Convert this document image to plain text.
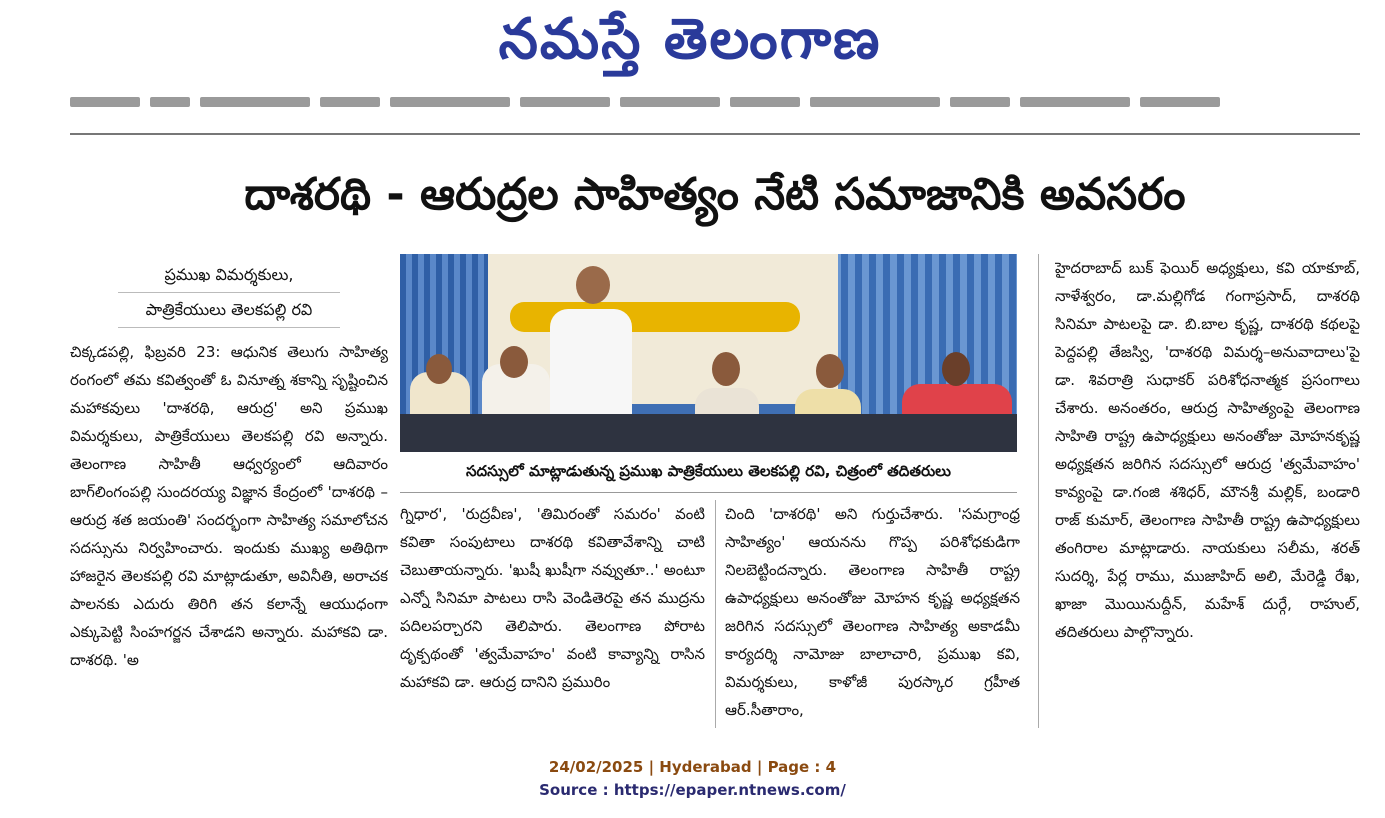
నమస్తే తెలంగాణ
దాశరథి - ఆరుద్రల సాహిత్యం నేటి సమాజానికి అవసరం
ప్రముఖ విమర్శకులు,
పాత్రికేయులు తెలకపల్లి రవి

చిక్కడపల్లి, ఫిబ్రవరి 23: ఆధునిక తెలుగు సాహిత్య రంగంలో తమ కవిత్వంతో ఓ వినూత్న శకాన్ని సృష్టించిన మహాకవులు 'దాశరథి, ఆరుద్ర' అని ప్రముఖ విమర్శకులు, పాత్రికేయులు తెలకపల్లి రవి అన్నారు. తెలంగాణ సాహితీ ఆధ్వర్యంలో ఆదివారం బాగ్‌లింగంపల్లి సుందరయ్య విజ్ఞాన కేంద్రంలో 'దాశరథి – ఆరుద్ర శత జయంతి' సందర్భంగా సాహిత్య సమాలోచన సదస్సును నిర్వహించారు. ఇందుకు ముఖ్య అతిథిగా హాజరైన తెలకపల్లి రవి మాట్లాడుతూ, అవినీతి, అరాచక పాలనకు ఎదురు తిరిగి తన కలాన్నే ఆయుధంగా ఎక్కుపెట్టి సింహగర్జన చేశాడని అన్నారు. మహాకవి డా. దాశరథి. 'అ

సదస్సులో మాట్లాడుతున్న ప్రముఖ పాత్రికేయులు తెలకపల్లి రవి, చిత్రంలో తదితరులు

గ్నిధార', 'రుద్రవీణ', 'తిమిరంతో సమరం' వంటి కవితా సంపుటాలు దాశరథి కవితావేశాన్ని చాటి చెబుతాయన్నారు. 'ఖుషీ ఖుషీగా నవ్వుతూ..' అంటూ ఎన్నో సినిమా పాటలు రాసి వెండితెరపై తన ముద్రను పదిలపర్చారని తెలిపారు. తెలంగాణ పోరాట దృక్పథంతో 'త్వమేవాహం' వంటి కావ్యాన్ని రాసిన మహాకవి డా. ఆరుద్ర దానిని ప్రమురిం

చింది 'దాశరథి' అని గుర్తుచేశారు. 'సమగ్రాంధ్ర సాహిత్యం' ఆయనను గొప్ప పరిశోధకుడిగా నిలబెట్టిందన్నారు. తెలంగాణ సాహితీ రాష్ట్ర ఉపాధ్యక్షులు అనంతోజు మోహన కృష్ణ అధ్యక్షతన జరిగిన సదస్సులో తెలంగాణ సాహిత్య అకాడమీ కార్యదర్శి నామోజు బాలాచారి, ప్రముఖ కవి, విమర్శకులు, కాళోజీ పురస్కార గ్రహీత ఆర్.సీతారాం,

హైదరాబాద్ బుక్ ఫెయిర్ అధ్యక్షులు, కవి యాకూబ్, నాళేశ్వరం, డా.మల్లిగోడ గంగాప్రసాద్, దాశరథి సినిమా పాటలపై డా. బి.బాల కృష్ణ, దాశరథి కథలపై పెద్దపల్లి తేజస్వి, 'దాశరథి విమర్శ–అనువాదాలు'పై డా. శివరాత్రి సుధాకర్ పరిశోధనాత్మక ప్రసంగాలు చేశారు. అనంతరం, ఆరుద్ర సాహిత్యంపై తెలంగాణ సాహితి రాష్ట్ర ఉపాధ్యక్షులు అనంతోజు మోహనకృష్ణ అధ్యక్షతన జరిగిన సదస్సులో ఆరుద్ర 'త్వమేవాహం' కావ్యంపై డా.గంజి శశిధర్, మౌనశ్రీ మల్లిక్, బండారి రాజ్ కుమార్, తెలంగాణ సాహితీ రాష్ట్ర ఉపాధ్యక్షులు తంగిరాల మాట్లాడారు. నాయకులు సలీమ, శరత్ సుదర్శి, పేర్ల రాము, ముజాహిద్ అలి, మేరెడ్డి రేఖ, ఖాజా మొయినుద్దీన్, మహేశ్ దుర్గే, రాహుల్, తదితరులు పాల్గొన్నారు.

24/02/2025 | Hyderabad | Page : 4
Source : https://epaper.ntnews.com/
